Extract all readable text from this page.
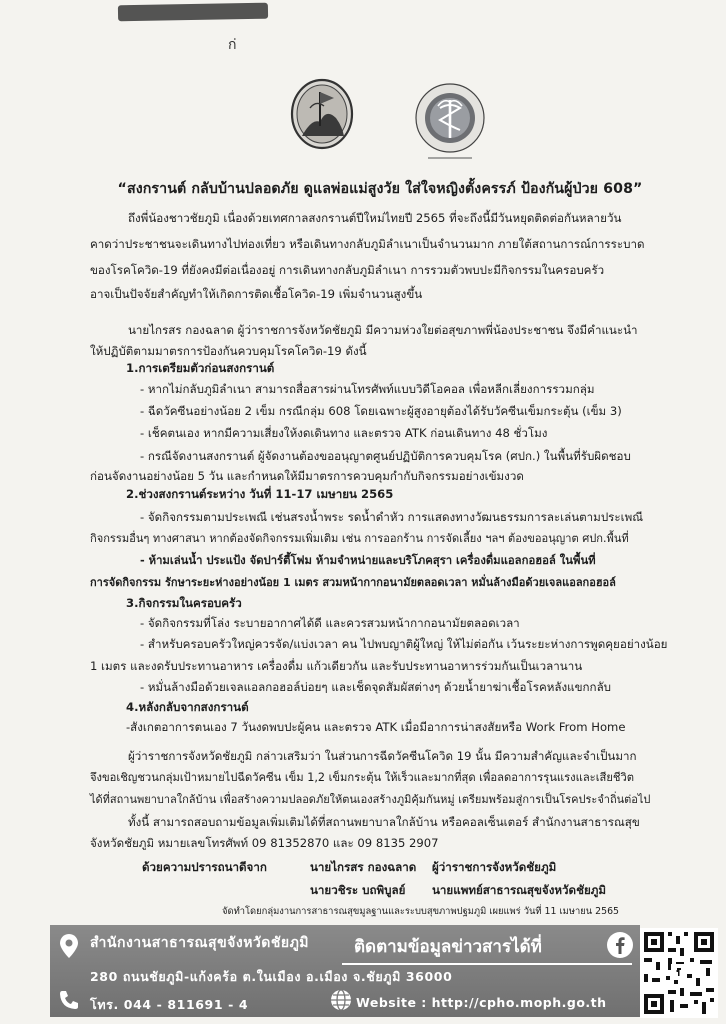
ก่
“สงกรานต์ กลับบ้านปลอดภัย ดูแลพ่อแม่สูงวัย ใส่ใจหญิงตั้งครรภ์ ป้องกันผู้ป่วย 608”
ถึงพี่น้องชาวชัยภูมิ เนื่องด้วยเทศกาลสงกรานต์ปีใหม่ไทยปี 2565 ที่จะถึงนี้มีวันหยุดติดต่อกันหลายวัน
คาดว่าประชาชนจะเดินทางไปท่องเที่ยว หรือเดินทางกลับภูมิลำเนาเป็นจำนวนมาก ภายใต้สถานการณ์การระบาด
ของโรคโควิด-19 ที่ยังคงมีต่อเนื่องอยู่ การเดินทางกลับภูมิลำเนา การรวมตัวพบปะมีกิจกรรมในครอบครัว
อาจเป็นปัจจัยสำคัญทำให้เกิดการติดเชื้อโควิด-19 เพิ่มจำนวนสูงขึ้น
นายไกรสร กองฉลาด ผู้ว่าราชการจังหวัดชัยภูมิ มีความห่วงใยต่อสุขภาพพี่น้องประชาชน จึงมีคำแนะนำ
ให้ปฏิบัติตามมาตรการป้องกันควบคุมโรคโควิด-19 ดังนี้
1.การเตรียมตัวก่อนสงกรานต์
- หากไม่กลับภูมิลำเนา สามารถสื่อสารผ่านโทรศัพท์แบบวิดีโอคอล เพื่อหลีกเลี่ยงการรวมกลุ่ม
- ฉีดวัคซีนอย่างน้อย 2 เข็ม กรณีกลุ่ม 608 โดยเฉพาะผู้สูงอายุต้องได้รับวัคซีนเข็มกระตุ้น (เข็ม 3)
- เช็คตนเอง หากมีความเสี่ยงให้งดเดินทาง และตรวจ ATK ก่อนเดินทาง 48 ชั่วโมง
- กรณีจัดงานสงกรานต์ ผู้จัดงานต้องขออนุญาตศูนย์ปฏิบัติการควบคุมโรค (ศปก.) ในพื้นที่รับผิดชอบ
ก่อนจัดงานอย่างน้อย 5 วัน และกำหนดให้มีมาตรการควบคุมกำกับกิจกรรมอย่างเข้มงวด
2.ช่วงสงกรานต์ระหว่าง วันที่ 11-17 เมษายน 2565
- จัดกิจกรรมตามประเพณี เช่นสรงน้ำพระ รดน้ำดำหัว การแสดงทางวัฒนธรรมการละเล่นตามประเพณี
กิจกรรมอื่นๆ ทางศาสนา หากต้องจัดกิจกรรมเพิ่มเติม เช่น การออกร้าน การจัดเลี้ยง ฯลฯ ต้องขออนุญาต ศปก.พื้นที่
- ห้ามเล่นน้ำ ประแป้ง จัดปาร์ตี้โฟม ห้ามจำหน่ายและบริโภคสุรา เครื่องดื่มแอลกอฮอล์ ในพื้นที่
การจัดกิจกรรม รักษาระยะห่างอย่างน้อย 1 เมตร สวมหน้ากากอนามัยตลอดเวลา หมั่นล้างมือด้วยเจลแอลกอฮอล์
3.กิจกรรมในครอบครัว
- จัดกิจกรรมที่โล่ง ระบายอากาศได้ดี และควรสวมหน้ากากอนามัยตลอดเวลา
- สำหรับครอบครัวใหญ่ควรจัด/แบ่งเวลา คน ไปพบญาติผู้ใหญ่ ให้ไม่ต่อกัน เว้นระยะห่างการพูดคุยอย่างน้อย
1 เมตร และงดรับประทานอาหาร เครื่องดื่ม แก้วเดียวกัน และรับประทานอาหารร่วมกันเป็นเวลานาน
- หมั่นล้างมือด้วยเจลแอลกอฮอล์บ่อยๆ และเช็ดจุดสัมผัสต่างๆ ด้วยน้ำยาฆ่าเชื้อโรคหลังแขกกลับ
4.หลังกลับจากสงกรานต์
-สังเกตอาการตนเอง 7 วันงดพบปะผู้คน และตรวจ ATK เมื่อมีอาการน่าสงสัยหรือ Work From Home
ผู้ว่าราชการจังหวัดชัยภูมิ กล่าวเสริมว่า ในส่วนการฉีดวัคซีนโควิด 19 นั้น มีความสำคัญและจำเป็นมาก
จึงขอเชิญชวนกลุ่มเป้าหมายไปฉีดวัคซีน เข็ม 1,2 เข็มกระตุ้น ให้เร็วและมากที่สุด เพื่อลดอาการรุนแรงและเสียชีวิต
ได้ที่สถานพยาบาลใกล้บ้าน เพื่อสร้างความปลอดภัยให้ตนเองสร้างภูมิคุ้มกันหมู่ เตรียมพร้อมสู่การเป็นโรคประจำถิ่นต่อไป
ทั้งนี้ สามารถสอบถามข้อมูลเพิ่มเติมได้ที่สถานพยาบาลใกล้บ้าน หรือคอลเซ็นเตอร์ สำนักงานสาธารณสุข
จังหวัดชัยภูมิ หมายเลขโทรศัพท์ 09 81352870 และ 09 8135 2907
ด้วยความปรารถนาดีจาก	นายไกรสร กองฉลาด ผู้ว่าราชการจังหวัดชัยภูมิ
นายวชิระ บถพิบูลย์ นายแพทย์สาธารณสุขจังหวัดชัยภูมิ
จัดทำโดยกลุ่มงานการสาธารณสุขมูลฐานและระบบสุขภาพปฐมภูมิ เผยแพร่ วันที่ 11 เมษายน 2565
สำนักงานสาธารณสุขจังหวัดชัยภูมิ
280 ถนนชัยภูมิ-แก้งคร้อ ต.ในเมือง อ.เมือง จ.ชัยภูมิ 36000
โทร. 044 - 811691 - 4
ติดตามข้อมูลข่าวสารได้ที่
Website : http://cpho.moph.go.th
